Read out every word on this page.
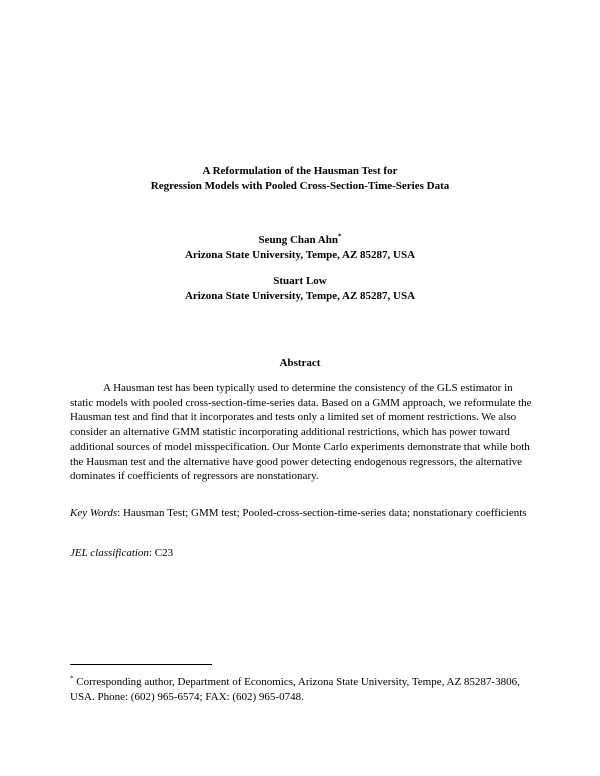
A Reformulation of the Hausman Test for
Regression Models with Pooled Cross-Section-Time-Series Data
Seung Chan Ahn*
Arizona State University, Tempe, AZ 85287, USA
Stuart Low
Arizona State University, Tempe, AZ 85287, USA
Abstract
A Hausman test has been typically used to determine the consistency of the GLS estimator in static models with pooled cross-section-time-series data. Based on a GMM approach, we reformulate the Hausman test and find that it incorporates and tests only a limited set of moment restrictions. We also consider an alternative GMM statistic incorporating additional restrictions, which has power toward additional sources of model misspecification. Our Monte Carlo experiments demonstrate that while both the Hausman test and the alternative have good power detecting endogenous regressors, the alternative dominates if coefficients of regressors are nonstationary.
Key Words: Hausman Test; GMM test; Pooled-cross-section-time-series data; nonstationary coefficients
JEL classification: C23
* Corresponding author, Department of Economics, Arizona State University, Tempe, AZ 85287-3806, USA. Phone: (602) 965-6574; FAX: (602) 965-0748.
